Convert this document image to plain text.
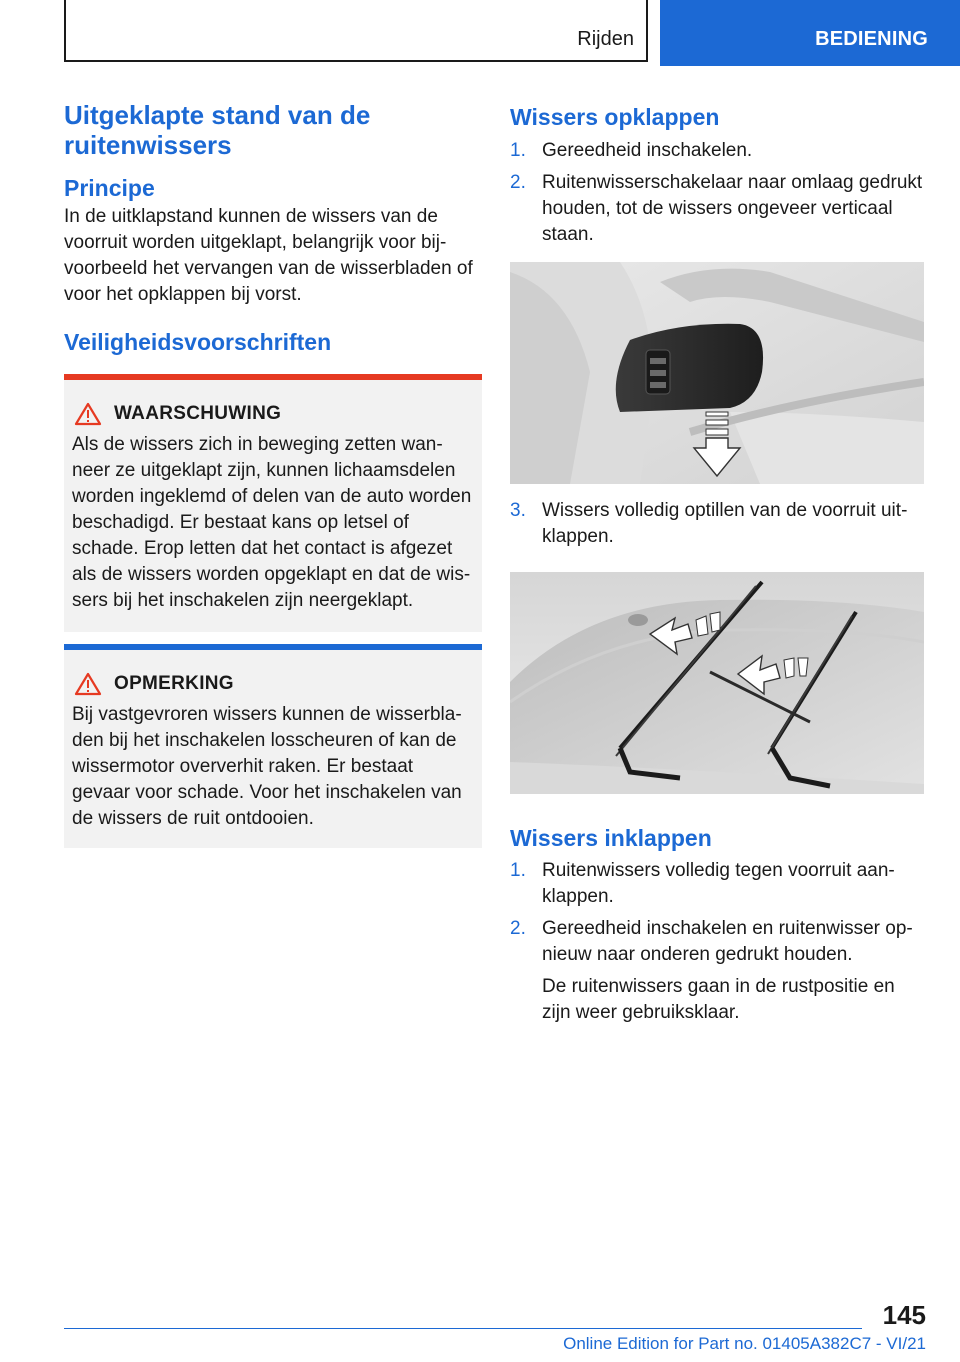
Rijden	BEDIENING
Uitgeklapte stand van de ruitenwissers
Principe

In de uitklapstand kunnen de wissers van de voorruit worden uitgeklapt, belangrijk voor bijvoorbeeld het vervangen van de wisserbladen of voor het opklappen bij vorst.

Veiligheidsvoorschriften
WAARSCHUWING

Als de wissers zich in beweging zetten wanneer ze uitgeklapt zijn, kunnen lichaamsdelen worden ingeklemd of delen van de auto worden beschadigd. Er bestaat kans op letsel of schade. Erop letten dat het contact is afgezet als de wissers worden opgeklapt en dat de wissers bij het inschakelen zijn neergeklapt.

OPMERKING

Bij vastgevroren wissers kunnen de wisserbladen bij het inschakelen losscheuren of kan de wissermotor oververhit raken. Er bestaat gevaar voor schade. Voor het inschakelen van de wissers de ruit ontdooien.

Wissers opklappen
1. Gereedheid inschakelen.
2. Ruitenwisserschakelaar naar omlaag gedrukt houden, tot de wissers ongeveer verticaal staan.
3. Wissers volledig optillen van de voorruit uitklappen.
Wissers inklappen
1. Ruitenwissers volledig tegen voorruit aanklappen.
2. Gereedheid inschakelen en ruitenwisser opnieuw naar onderen gedrukt houden.
De ruitenwissers gaan in de rustpositie en zijn weer gebruiksklaar.
145
Online Edition for Part no. 01405A382C7 - VI/21
